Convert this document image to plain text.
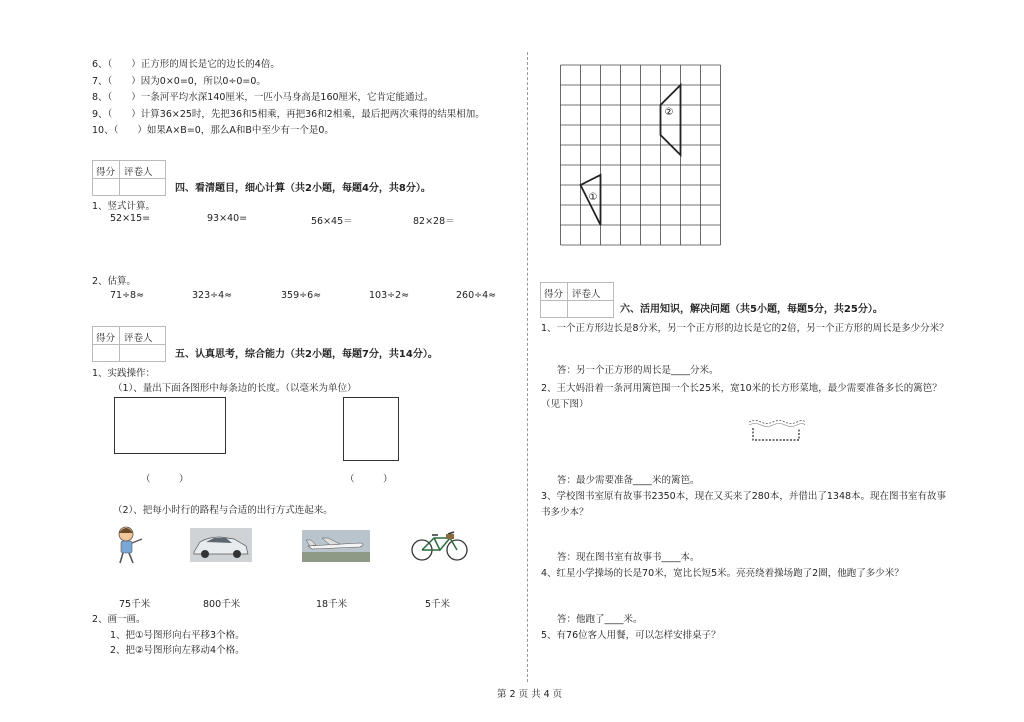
6、（　　）正方形的周长是它的边长的4倍。
7、（　　）因为0×0=0，所以0÷0=0。
8、（　　）一条河平均水深140厘米，一匹小马身高是160厘米，它肯定能通过。
9、（　　）计算36×25时，先把36和5相乘，再把36和2相乘，最后把两次乘得的结果相加。
10、（　　）如果A×B=0，那么A和B中至少有一个是0。
得分 评卷人
四、看清题目，细心计算（共2小题，每题4分，共8分）。
1、竖式计算。
52×15=	93×40=	56×45＝	82×28＝
2、估算。
71÷8≈	323÷4≈	359÷6≈	103÷2≈	260÷4≈
得分 评卷人
五、认真思考，综合能力（共2小题，每题7分，共14分）。
1、实践操作：
（1）、量出下面各图形中每条边的长度。（以毫米为单位）
（　　　）	（　　　）
（2）、把每小时行的路程与合适的出行方式连起来。
75千米	800千米	18千米	5千米
2、画一画。
1、把①号图形向右平移3个格。
2、把②号图形向左移动4个格。
②
①
得分 评卷人
六、活用知识，解决问题（共5小题，每题5分，共25分）。
1、一个正方形边长是8分米，另一个正方形的边长是它的2倍，另一个正方形的周长是多少分米？
答：另一个正方形的周长是____分米。
2、王大妈沿着一条河用篱笆围一个长25米，宽10米的长方形菜地，最少需要准备多长的篱笆？
（见下图）
答：最少需要准备____米的篱笆。
3、学校图书室原有故事书2350本，现在又买来了280本，并借出了1348本。现在图书室有故事
书多少本？
答：现在图书室有故事书____本。
4、红星小学操场的长是70米，宽比长短5米。亮亮绕着操场跑了2圈，他跑了多少米？
答：他跑了____米。
5、有76位客人用餐，可以怎样安排桌子？
第 2 页 共 4 页
